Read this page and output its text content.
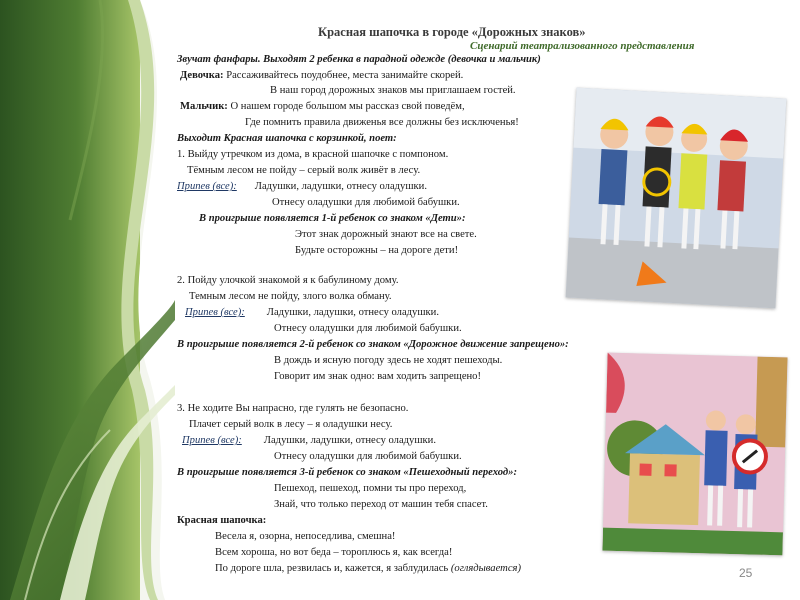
Красная шапочка в городе «Дорожных знаков»
Сценарий театрализованного представления
Звучат фанфары. Выходят 2 ребенка в парадной одежде (девочка и мальчик)
Девочка: Рассаживайтесь поудобнее, места занимайте скорей.
В наш город дорожных знаков мы приглашаем гостей.
Мальчик: О нашем городе большом мы рассказ свой поведём,
Где помнить правила движенья все должны без исключенья!
Выходит Красная шапочка с корзинкой, поет:
1. Выйду утречком из дома, в красной шапочке с помпоном.
Тёмным лесом не пойду – серый волк живёт в лесу.
Припев (все): Ладушки, ладушки, отнесу оладушки.
Отнесу оладушки для любимой бабушки.
В проигрыше появляется 1-й ребенок со знаком «Дети»:
Этот знак дорожный знают все на свете.
Будьте осторожны – на дороге дети!
2. Пойду улочкой знакомой я к бабулиному дому.
Темным лесом не пойду, злого волка обману.
Припев (все): Ладушки, ладушки, отнесу оладушки.
Отнесу оладушки для любимой бабушки.
В проигрыше появляется 2-й ребенок со знаком «Дорожное движение запрещено»:
В дождь и ясную погоду здесь не ходят пешеходы.
Говорит им знак одно: вам ходить запрещено!
3. Не ходите Вы напрасно, где гулять не безопасно.
Плачет серый волк в лесу – я оладушки несу.
Припев (все): Ладушки, ладушки, отнесу оладушки.
Отнесу оладушки для любимой бабушки.
В проигрыше появляется 3-й ребенок со знаком «Пешеходный переход»:
Пешеход, пешеход, помни ты про переход,
Знай, что только переход от машин тебя спасет.
Красная шапочка:
Весела я, озорна, непоседлива, смешна!
Всем хороша, но вот беда – тороплюсь я, как всегда!
По дороге шла, резвилась и, кажется, я заблудилась (оглядывается)	25
